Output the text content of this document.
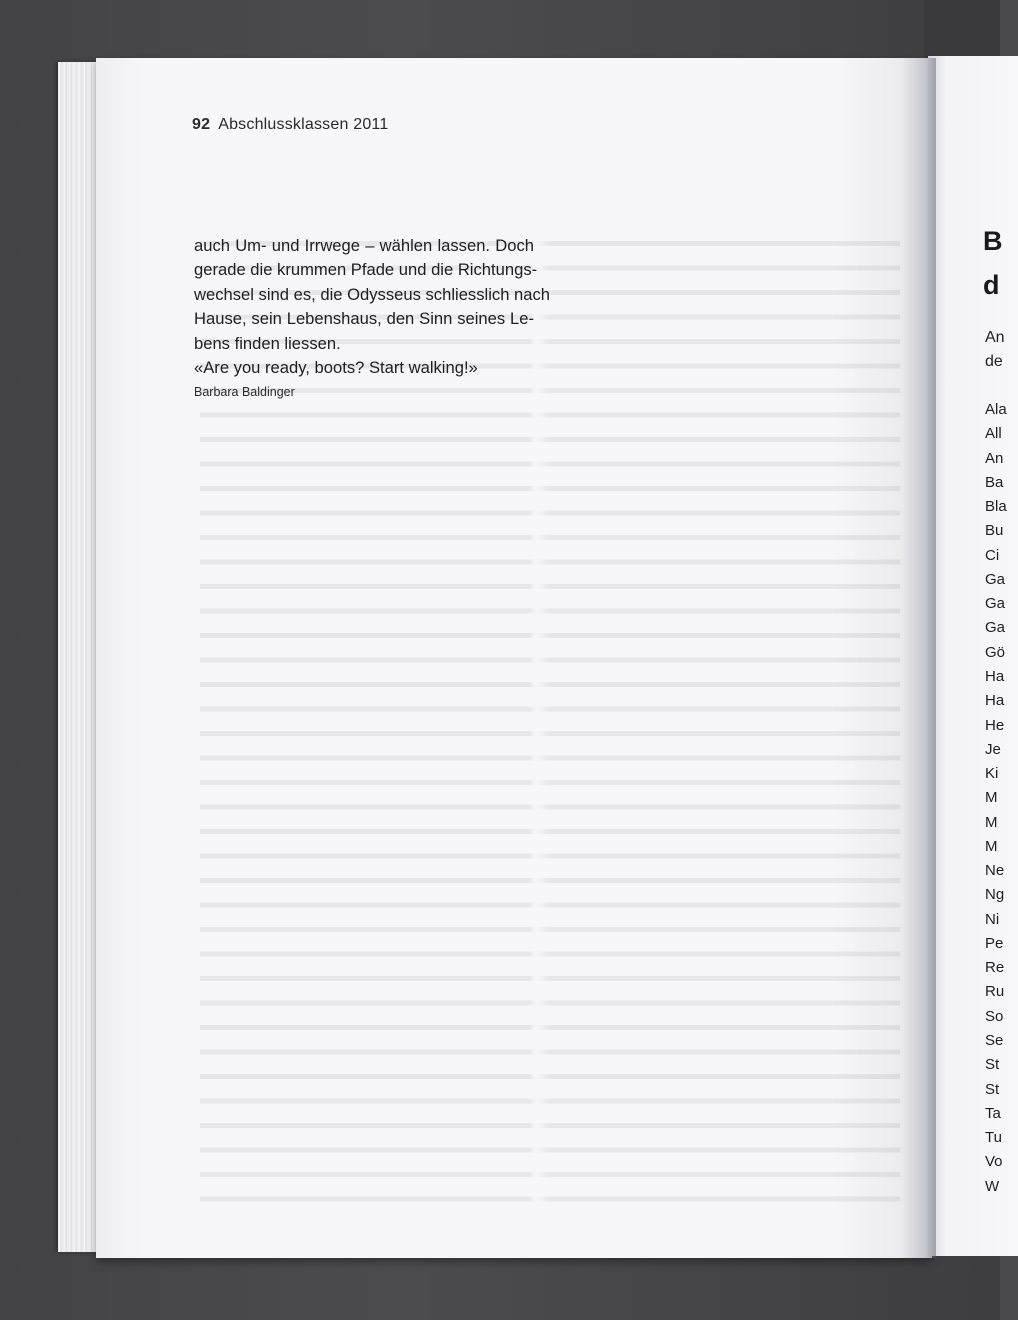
92 Abschlussklassen 2011

auch Um- und Irrwege – wählen lassen. Doch
gerade die krummen Pfade und die Richtungs-
wechsel sind es, die Odysseus schliesslich nach
Hause, sein Lebenshaus, den Sinn seines Le-
bens finden liessen.
«Are you ready, boots? Start walking!»

Barbara Baldinger
B
d
An
de
Ala
All
An
Ba
Bla
Bu
Ci
Ga
Ga
Ga
Gö
Ha
Ha
He
Je
Ki
M
M
M
Ne
Ng
Ni
Pe
Re
Ru
So
Se
St
St
Ta
Tu
Vo
W
